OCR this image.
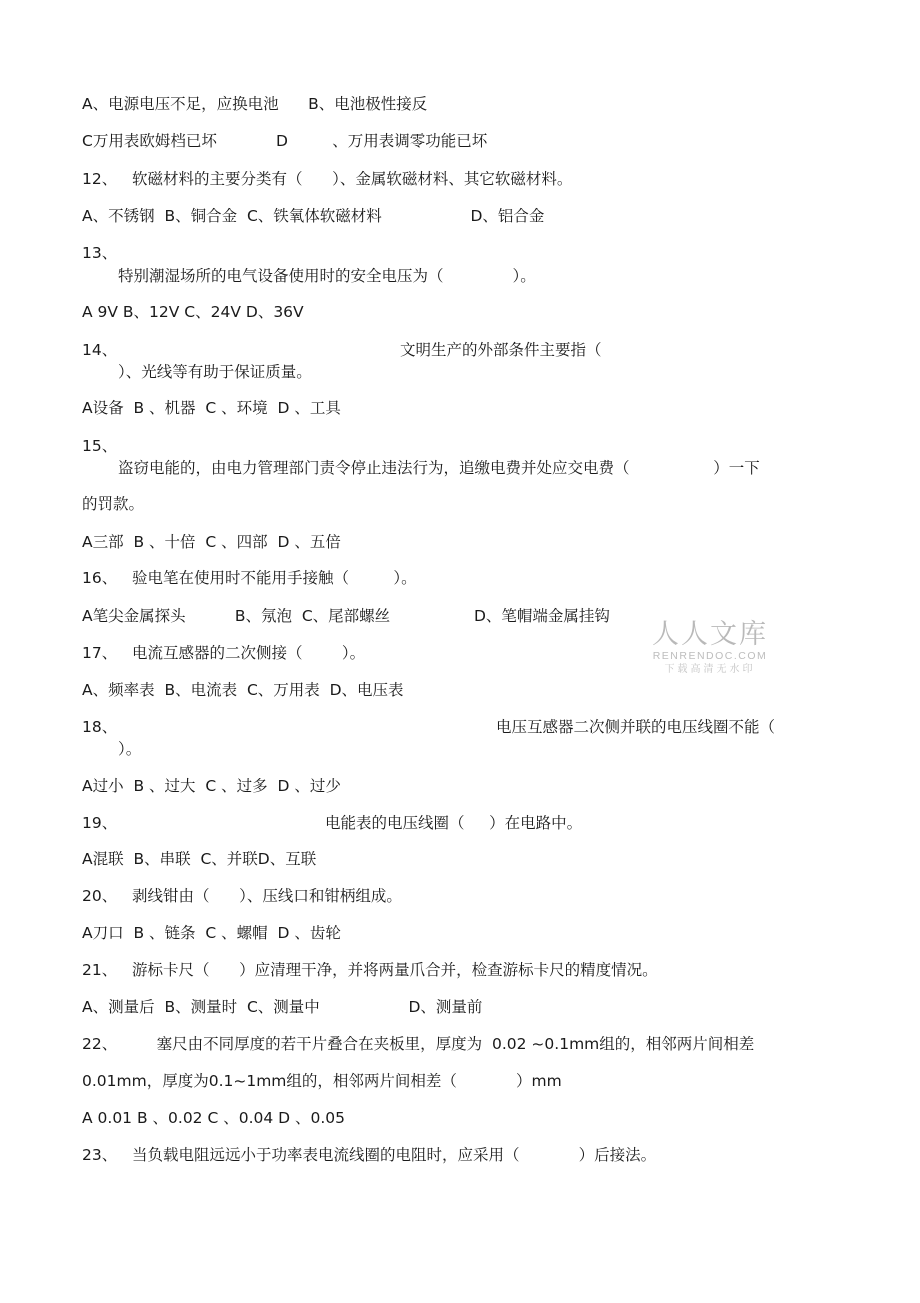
A、电源电压不足，应换电池      B、电池极性接反
C万用表欧姆档已坏            D         、万用表调零功能已坏
12、   软磁材料的主要分类有（      ）、金属软磁材料、其它软磁材料。
A、不锈钢  B、铜合金  C、铁氧体软磁材料                  D、铝合金
13、
特别潮湿场所的电气设备使用时的安全电压为（              ）。
A 9V B、12V C、24V D、36V
14、	文明生产的外部条件主要指（
）、光线等有助于保证质量。
A设备  B 、机器  C 、环境  D 、工具
15、
盗窃电能的，由电力管理部门责令停止违法行为，追缴电费并处应交电费（                 ）一下
的罚款。
A三部  B 、十倍  C 、四部  D 、五倍
16、   验电笔在使用时不能用手接触（         ）。
A笔尖金属探头          B、氖泡  C、尾部螺丝                 D、笔帽端金属挂钩
17、   电流互感器的二次侧接（        ）。
A、频率表  B、电流表  C、万用表  D、电压表
18、	电压互感器二次侧并联的电压线圈不能（
）。
A过小  B 、过大  C 、过多  D 、过少
19、	电能表的电压线圈（     ）在电路中。
A混联  B、串联  C、并联D、互联
20、   剥线钳由（      ）、压线口和钳柄组成。
A刀口  B 、链条  C 、螺帽  D 、齿轮
21、   游标卡尺（      ）应清理干净，并将两量爪合并，检查游标卡尺的精度情况。
A、测量后  B、测量时  C、测量中                  D、测量前
22、        塞尺由不同厚度的若干片叠合在夹板里，厚度为  0.02 ~0.1mm组的，相邻两片间相差
0.01mm，厚度为0.1~1mm组的，相邻两片间相差（            ）mm
A 0.01 B 、0.02 C 、0.04 D 、0.05
23、   当负载电阻远远小于功率表电流线圈的电阻时，应采用（            ）后接法。
人人文库
RENRENDOC.COM
下载高清无水印
